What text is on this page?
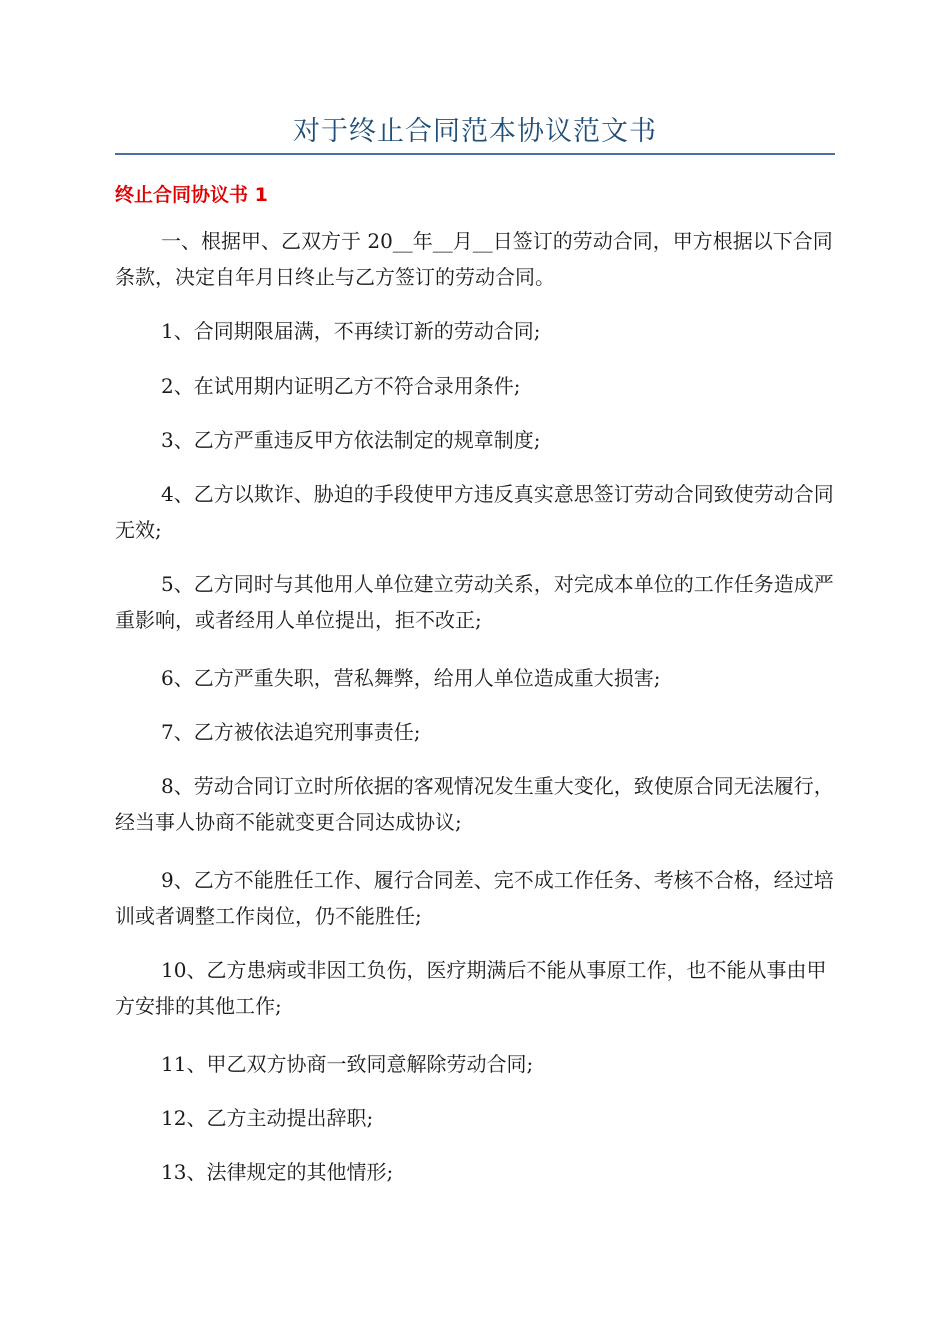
对于终止合同范本协议范文书
终止合同协议书 1

一、根据甲、乙双方于 20__年__月__日签订的劳动合同，甲方根据以下合同条款，决定自年月日终止与乙方签订的劳动合同。

1、合同期限届满，不再续订新的劳动合同;

2、在试用期内证明乙方不符合录用条件;

3、乙方严重违反甲方依法制定的规章制度;

4、乙方以欺诈、胁迫的手段使甲方违反真实意思签订劳动合同致使劳动合同无效;

5、乙方同时与其他用人单位建立劳动关系，对完成本单位的工作任务造成严重影响，或者经用人单位提出，拒不改正;

6、乙方严重失职，营私舞弊，给用人单位造成重大损害;

7、乙方被依法追究刑事责任;

8、劳动合同订立时所依据的客观情况发生重大变化，致使原合同无法履行，经当事人协商不能就变更合同达成协议;

9、乙方不能胜任工作、履行合同差、完不成工作任务、考核不合格，经过培训或者调整工作岗位，仍不能胜任;

10、乙方患病或非因工负伤，医疗期满后不能从事原工作，也不能从事由甲方安排的其他工作;

11、甲乙双方协商一致同意解除劳动合同;

12、乙方主动提出辞职;

13、法律规定的其他情形;
